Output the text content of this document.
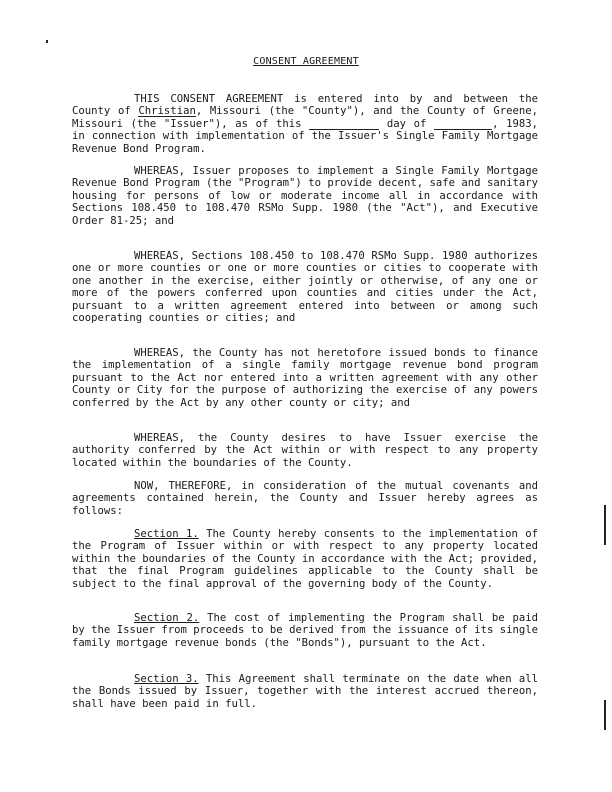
CONSENT AGREEMENT
THIS CONSENT AGREEMENT is entered into by and between the County of Christian, Missouri (the "County"), and the County of Greene, Missouri (the "Issuer"), as of this	day of	, 1983, in connection with implementation of the Issuer's Single Family Mortgage Revenue Bond Program.
WHEREAS, Issuer proposes to implement a Single Family Mortgage Revenue Bond Program (the "Program") to provide decent, safe and sanitary housing for persons of low or moderate income all in accordance with Sections 108.450 to 108.470 RSMo Supp. 1980 (the "Act"), and Executive Order 81-25; and
WHEREAS, Sections 108.450 to 108.470 RSMo Supp. 1980 authorizes one or more counties or one or more counties or cities to cooperate with one another in the exercise, either jointly or otherwise, of any one or more of the powers conferred upon counties and cities under the Act, pursuant to a written agreement entered into between or among such cooperating counties or cities; and
WHEREAS, the County has not heretofore issued bonds to finance the implementation of a single family mortgage revenue bond program pursuant to the Act nor entered into a written agreement with any other County or City for the purpose of authorizing the exercise of any powers conferred by the Act by any other county or city; and
WHEREAS, the County desires to have Issuer exercise the authority conferred by the Act within or with respect to any property located within the boundaries of the County.
NOW, THEREFORE, in consideration of the mutual covenants and agreements contained herein, the County and Issuer hereby agrees as follows:
Section 1. The County hereby consents to the implementation of the Program of Issuer within or with respect to any property located within the boundaries of the County in accordance with the Act; provided, that the final Program guidelines applicable to the County shall be subject to the final approval of the governing body of the County.
Section 2. The cost of implementing the Program shall be paid by the Issuer from proceeds to be derived from the issuance of its single family mortgage revenue bonds (the "Bonds"), pursuant to the Act.
Section 3. This Agreement shall terminate on the date when all the Bonds issued by Issuer, together with the interest accrued thereon, shall have been paid in full.
